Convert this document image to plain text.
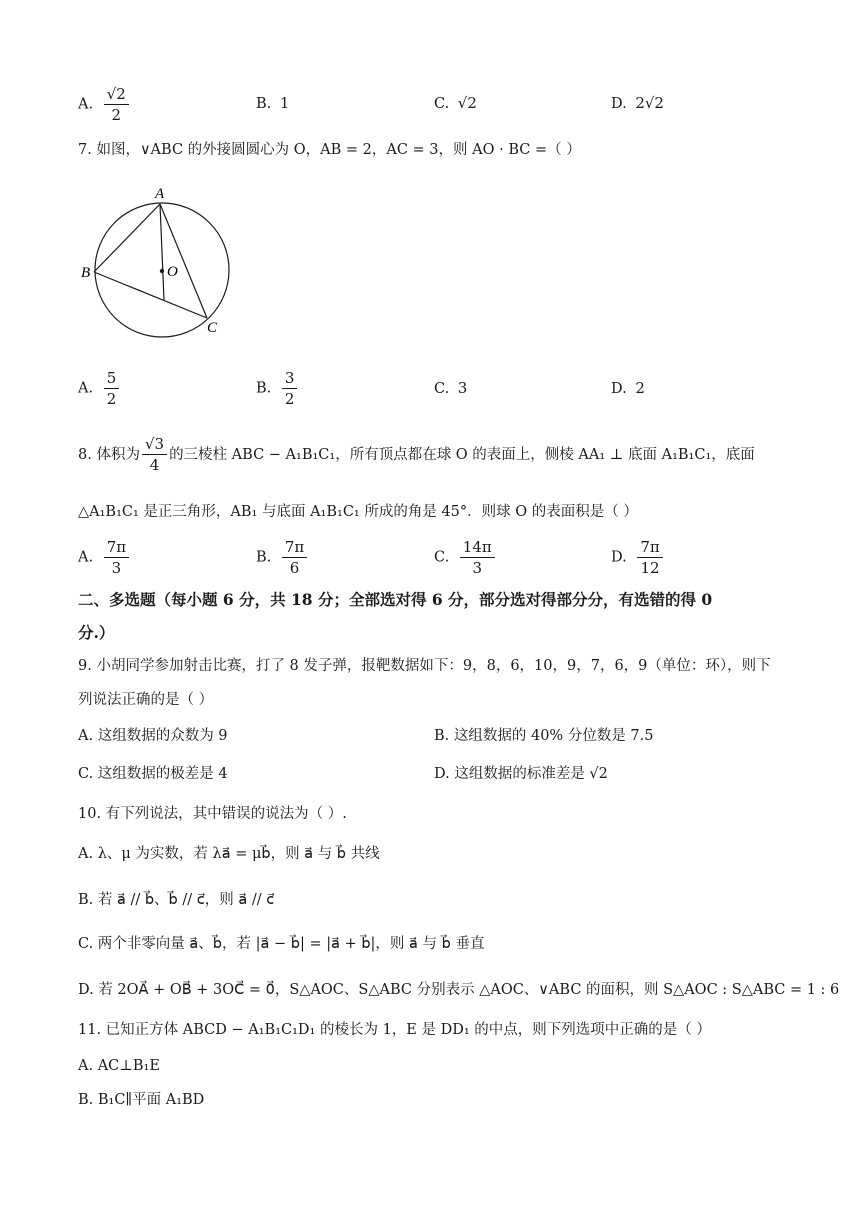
A. $\frac{√2}{2}$	B. 1	C. √2	D. 2√2
7. 如图，∨ABC 的外接圆圆心为 O，AB = 2，AC = 3，则 AO · BC =（ ）
A
B
C
O
A. $\frac{5}{2}$	B. $\frac{3}{2}$	C. 3	D. 2
8. 体积为 $\frac{√3}{4}$ 的三棱柱 ABC − A₁B₁C₁，所有顶点都在球 O 的表面上，侧棱 AA₁ ⊥ 底面 A₁B₁C₁，底面
△A₁B₁C₁ 是正三角形，AB₁ 与底面 A₁B₁C₁ 所成的角是 45°．则球 O 的表面积是（ ）
A. $\frac{7\pi}{3}$	B. $\frac{7\pi}{6}$	C. $\frac{14\pi}{3}$	D. $\frac{7\pi}{12}$
二、多选题（每小题 6 分，共 18 分；全部选对得 6 分，部分选对得部分分，有选错的得 0
分.）
9. 小胡同学参加射击比赛，打了 8 发子弹，报靶数据如下：9，8，6，10，9，7，6，9（单位：环），则下
列说法正确的是（ ）
A. 这组数据的众数为 9	B. 这组数据的 40% 分位数是 7.5
C. 这组数据的极差是 4	D. 这组数据的标准差是 √2
10. 有下列说法，其中错误的说法为（ ）.
A. λ、μ 为实数，若 λa⃗ = μb⃗，则 a⃗ 与 b⃗ 共线
B. 若 a⃗ // b⃗、b⃗ // c⃗，则 a⃗ // c⃗
C. 两个非零向量 a⃗、b⃗，若 |a⃗ − b⃗| = |a⃗ + b⃗|，则 a⃗ 与 b⃗ 垂直
D. 若 2OA⃗ + OB⃗ + 3OC⃗ = 0⃗，S△AOC、S△ABC 分别表示 △AOC、∨ABC 的面积，则 S△AOC : S△ABC = 1 : 6
11. 已知正方体 ABCD − A₁B₁C₁D₁ 的棱长为 1，E 是 DD₁ 的中点，则下列选项中正确的是（ ）
A. AC⊥B₁E
B. B₁C∥平面 A₁BD
